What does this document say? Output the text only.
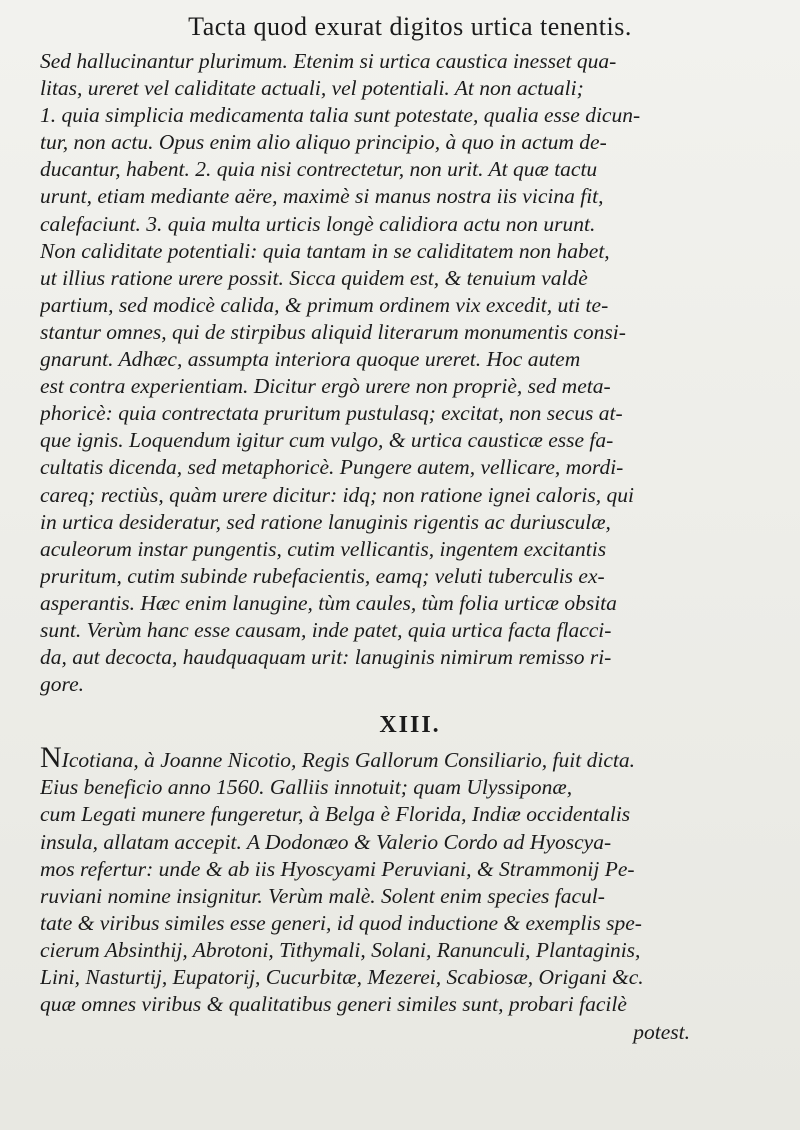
Tacta quod exurat digitos urtica tenentis.
Sed hallucinantur plurimum. Etenim si urtica caustica inesset qua-
litas, ureret vel caliditate actuali, vel potentiali. At non actuali;
1. quia simplicia medicamenta talia sunt potestate, qualia esse dicun-
tur, non actu. Opus enim alio aliquo principio, à quo in actum de-
ducantur, habent. 2. quia nisi contrectetur, non urit. At quæ tactu
urunt, etiam mediante aëre, maximè si manus nostra iis vicina fit,
calefaciunt. 3. quia multa urticis longè calidiora actu non urunt.
Non caliditate potentiali: quia tantam in se caliditatem non habet,
ut illius ratione urere possit. Sicca quidem est, & tenuium valdè
partium, sed modicè calida, & primum ordinem vix excedit, uti te-
stantur omnes, qui de stirpibus aliquid literarum monumentis consi-
gnarunt. Adhæc, assumpta interiora quoque ureret. Hoc autem
est contra experientiam. Dicitur ergò urere non propriè, sed meta-
phoricè: quia contrectata pruritum pustulasq; excitat, non secus at-
que ignis. Loquendum igitur cum vulgo, & urtica causticæ esse fa-
cultatis dicenda, sed metaphoricè. Pungere autem, vellicare, mordi-
careq; rectiùs, quàm urere dicitur: idq; non ratione ignei caloris, qui
in urtica desideratur, sed ratione lanuginis rigentis ac duriusculæ,
aculeorum instar pungentis, cutim vellicantis, ingentem excitantis
pruritum, cutim subinde rubefacientis, eamq; veluti tuberculis ex-
asperantis. Hæc enim lanugine, tùm caules, tùm folia urticæ obsita
sunt. Verùm hanc esse causam, inde patet, quia urtica facta flacci-
da, aut decocta, haudquaquam urit: lanuginis nimirum remisso ri-
gore.
XIII.
NIcotiana, à Joanne Nicotio, Regis Gallorum Consiliario, fuit dicta.
Eius beneficio anno 1560. Galliis innotuit; quam Ulyssiponæ,
cum Legati munere fungeretur, à Belga è Florida, Indiæ occidentalis
insula, allatam accepit. A Dodonæo & Valerio Cordo ad Hyoscya-
mos refertur: unde & ab iis Hyoscyami Peruviani, & Strammonij Pe-
ruviani nomine insignitur. Verùm malè. Solent enim species facul-
tate & viribus similes esse generi, id quod inductione & exemplis spe-
cierum Absinthij, Abrotoni, Tithymali, Solani, Ranunculi, Plantaginis,
Lini, Nasturtij, Eupatorij, Cucurbitæ, Mezerei, Scabiosæ, Origani &c.
quæ omnes viribus & qualitatibus generi similes sunt, probari facilè
potest.
